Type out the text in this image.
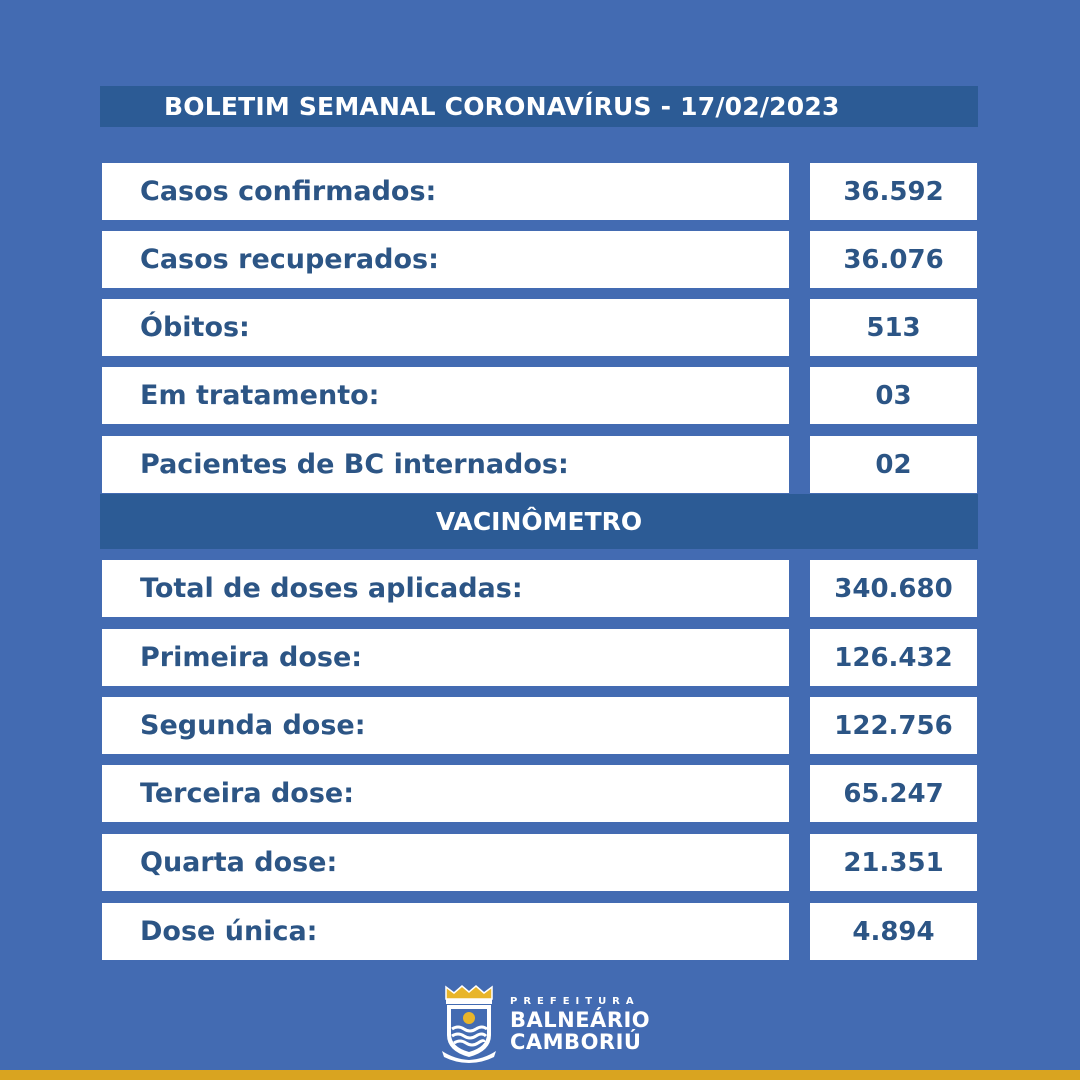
BOLETIM SEMANAL CORONAVÍRUS - 17/02/2023
Casos confirmados:	36.592
Casos recuperados:	36.076
Óbitos:	513
Em tratamento:	03
Pacientes de BC internados:	02
VACINÔMETRO
Total de doses aplicadas:	340.680
Primeira dose:	126.432
Segunda dose:	122.756
Terceira dose:	65.247
Quarta dose:	21.351
Dose única:	4.894
PREFEITURA
BALNEÁRIO
CAMBORIÚ
